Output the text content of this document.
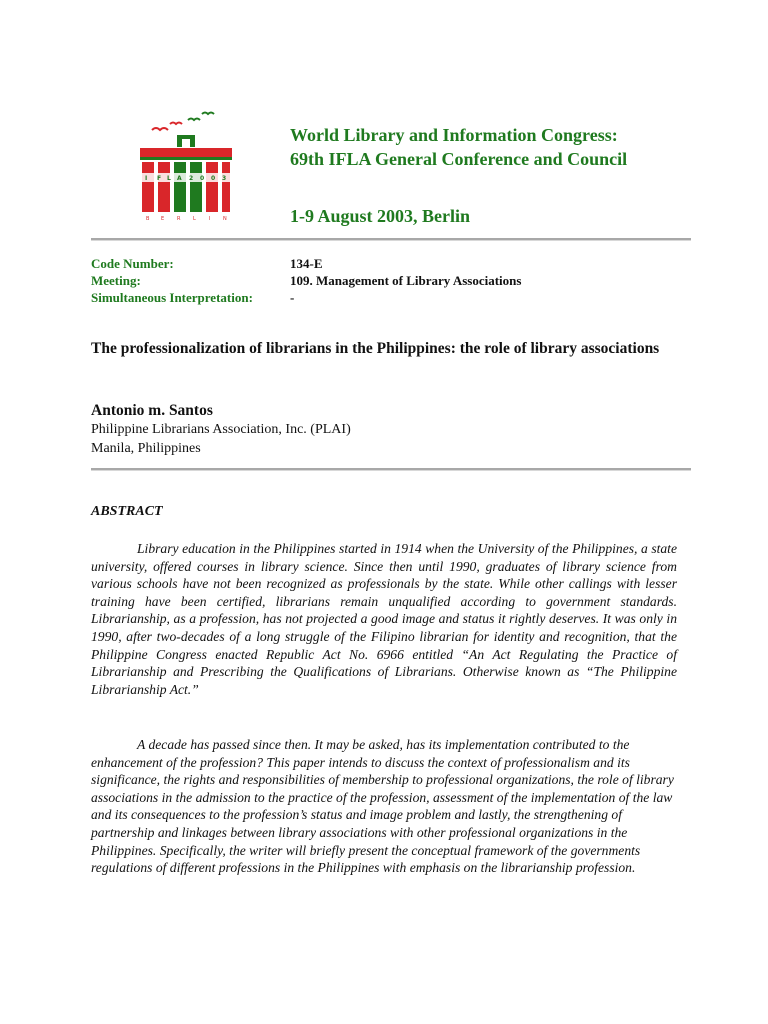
I F L A 2 0 0 3
B E	R	L	I	N
World Library and Information Congress:
69th IFLA General Conference and Council
1-9 August 2003, Berlin
Code Number:	134-E
Meeting:	109. Management of Library Associations
Simultaneous Interpretation:	-
The professionalization of librarians in the Philippines: the role of library associations
Antonio m. Santos
Philippine Librarians Association, Inc. (PLAI)
Manila, Philippines
ABSTRACT

Library education in the Philippines started in 1914 when the University of the Philippines, a state university, offered courses in library science. Since then until 1990, graduates of library science from various schools have not been recognized as professionals by the state. While other callings with lesser training have been certified, librarians remain unqualified according to government standards. Librarianship, as a profession, has not projected a good image and status it rightly deserves. It was only in 1990, after two-decades of a long struggle of the Filipino librarian for identity and recognition, that the Philippine Congress enacted Republic Act No. 6966 entitled “An Act Regulating the Practice of Librarianship and Prescribing the Qualifications of Librarians. Otherwise known as “The Philippine Librarianship Act.”

A decade has passed since then. It may be asked, has its implementation contributed to the enhancement of the profession? This paper intends to discuss the context of professionalism and its significance, the rights and responsibilities of membership to professional organizations, the role of library associations in the admission to the practice of the profession, assessment of the implementation of the law and its consequences to the profession’s status and image problem and lastly, the strengthening of partnership and linkages between library associations with other professional organizations in the Philippines. Specifically, the writer will briefly present the conceptual framework of the governments regulations of different professions in the Philippines with emphasis on the librarianship profession.
